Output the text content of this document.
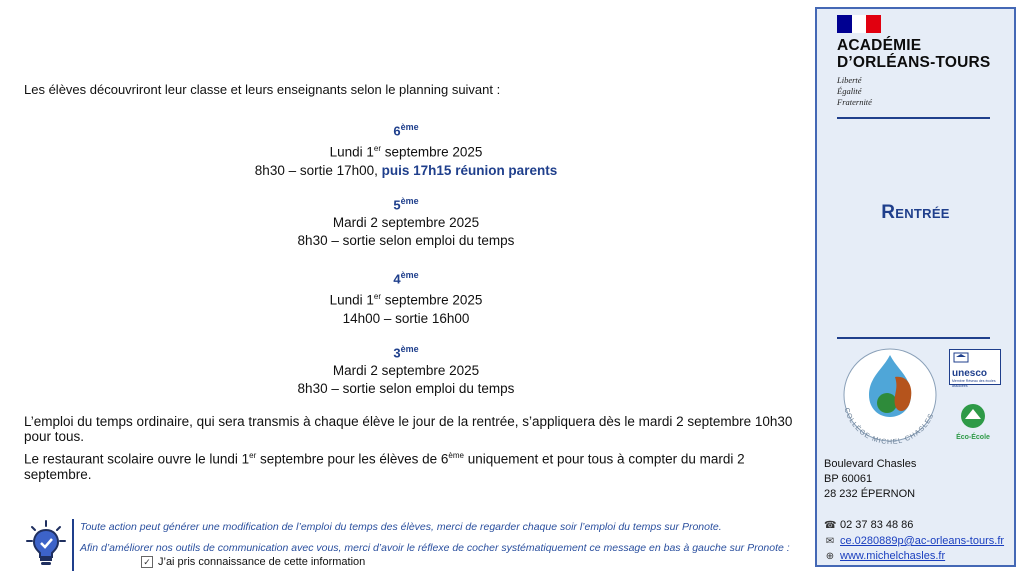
Les élèves découvriront leur classe et leurs enseignants selon le planning suivant :
6ème
Lundi 1er septembre 2025
8h30 – sortie 17h00, puis 17h15 réunion parents
5ème
Mardi 2 septembre 2025
8h30 – sortie selon emploi du temps
4ème
Lundi 1er septembre 2025
14h00 – sortie 16h00
3ème
Mardi 2 septembre 2025
8h30 – sortie selon emploi du temps
L’emploi du temps ordinaire, qui sera transmis à chaque élève le jour de la rentrée, s’appliquera dès le mardi 2 septembre 10h30 pour tous.
Le restaurant scolaire ouvre le lundi 1er septembre pour les élèves de 6ème uniquement et pour tous à compter du mardi 2 septembre.
Toute action peut générer une modification de l’emploi du temps des élèves, merci de regarder chaque soir l’emploi du temps sur Pronote.
Afin d’améliorer nos outils de communication avec vous, merci d’avoir le réflexe de cocher systématiquement ce message en bas à gauche sur Pronote :
✓ J’ai pris connaissance de cette information
ACADÉMIE
D’ORLÉANS-TOURS
Liberté
Égalité
Fraternité
Rentrée
COLLÈGE MICHEL CHASLES
unesco
Membre Réseau des écoles associées
Éco-École
Boulevard Chasles
BP 60061
28 232 ÉPERNON
☎ 02 37 83 48 86
✉ ce.0280889p@ac-orleans-tours.fr
⊕ www.michelchasles.fr
